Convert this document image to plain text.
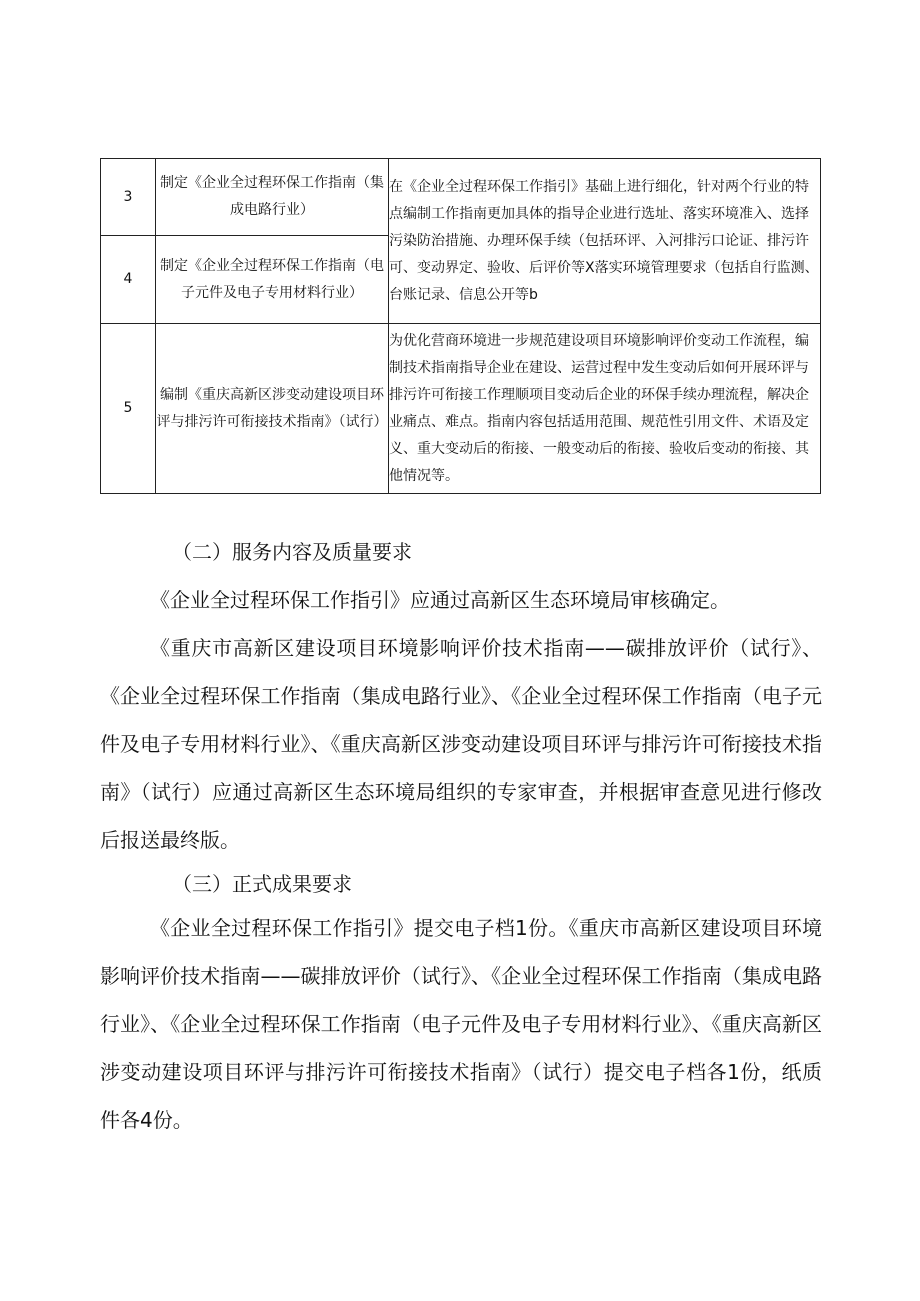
3	制定《企业全过程环保工作指南（集成电路行业）	在《企业全过程环保工作指引》基础上进行细化，针对两个行业的特点编制工作指南更加具体的指导企业进行选址、落实环境准入、选择污染防治措施、办理环保手续（包括环评、入河排污口论证、排污许可、变动界定、验收、后评价等X落实环境管理要求（包括自行监测、台账记录、信息公开等b
4	制定《企业全过程环保工作指南（电子元件及电子专用材料行业）	
5	编制《重庆高新区涉变动建设项目环评与排污许可衔接技术指南》（试行）	为优化营商环境进一步规范建设项目环境影响评价变动工作流程，编制技术指南指导企业在建设、运营过程中发生变动后如何开展环评与排污许可衔接工作理顺项目变动后企业的环保手续办理流程，解决企业痛点、难点。指南内容包括适用范围、规范性引用文件、术语及定义、重大变动后的衔接、一般变动后的衔接、验收后变动的衔接、其他情况等。
（二）服务内容及质量要求

《企业全过程环保工作指引》应通过高新区生态环境局审核确定。

《重庆市高新区建设项目环境影响评价技术指南——碳排放评价（试行》、《企业全过程环保工作指南（集成电路行业》、《企业全过程环保工作指南（电子元件及电子专用材料行业》、《重庆高新区涉变动建设项目环评与排污许可衔接技术指南》（试行）应通过高新区生态环境局组织的专家审查，并根据审查意见进行修改后报送最终版。

（三）正式成果要求

《企业全过程环保工作指引》提交电子档1份。《重庆市高新区建设项目环境影响评价技术指南——碳排放评价（试行》、《企业全过程环保工作指南（集成电路行业》、《企业全过程环保工作指南（电子元件及电子专用材料行业》、《重庆高新区涉变动建设项目环评与排污许可衔接技术指南》（试行）提交电子档各1份，纸质件各4份。
